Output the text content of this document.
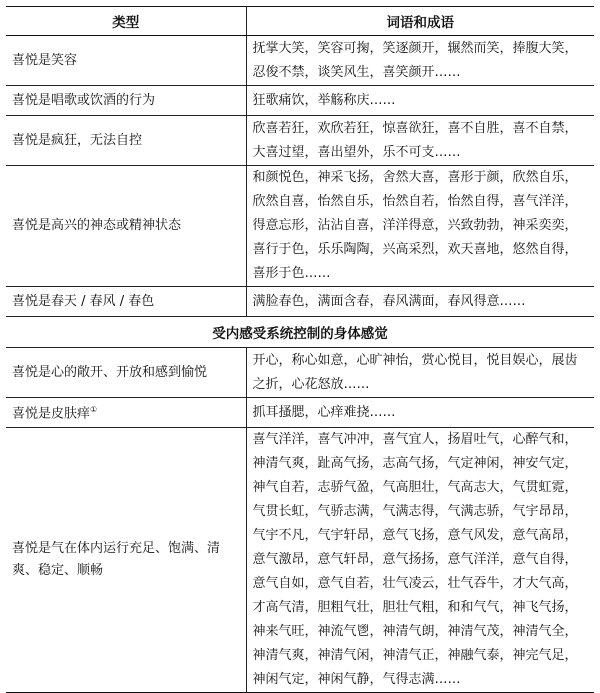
类型	词语和成语
喜悦是笑容	抚掌大笑，笑容可掬，笑逐颜开，辗然而笑，捧腹大笑，忍俊不禁，谈笑风生，喜笑颜开……
喜悦是唱歌或饮酒的行为	狂歌痛饮，举觞称庆……
喜悦是疯狂，无法自控	欣喜若狂，欢欣若狂，惊喜欲狂，喜不自胜，喜不自禁，大喜过望，喜出望外，乐不可支……
喜悦是高兴的神态或精神状态	和颜悦色，神采飞扬，舍然大喜，喜形于颜，欣然自乐，欣然自喜，怡然自乐，怡然自若，怡然自得，喜气洋洋，得意忘形，沾沾自喜，洋洋得意，兴致勃勃，神采奕奕，喜行于色，乐乐陶陶，兴高采烈，欢天喜地，悠然自得，喜形于色……
喜悦是春天 / 春风 / 春色	满脸春色，满面含春，春风满面，春风得意……
受内感受系统控制的身体感觉	
喜悦是心的敞开、开放和感到愉悦	开心，称心如意，心旷神怡，赏心悦目，悦目娱心，展齿之折，心花怒放……
喜悦是皮肤痒①	抓耳搔腮，心痒难挠……
喜悦是气在体内运行充足、饱满、清爽、稳定、顺畅	喜气洋洋，喜气冲冲，喜气宜人，扬眉吐气，心醉气和，神清气爽，趾高气扬，志高气扬，气定神闲，神安气定，神气自若，志骄气盈，气高胆壮，气高志大，气贯虹霓，气贯长虹，气骄志满，气满志得，气满志骄，气宇昂昂，气宇不凡，气宇轩昂，意气飞扬，意气风发，意气高昂，意气激昂，意气轩昂，意气扬扬，意气洋洋，意气自得，意气自如，意气自若，壮气凌云，壮气吞牛，才大气高，才高气清，胆粗气壮，胆壮气粗，和和气气，神飞气扬，神来气旺，神流气鬯，神清气朗，神清气茂，神清气全，神清气爽，神清气闲，神清气正，神融气泰，神完气足，神闲气定，神闲气静，气得志满……
